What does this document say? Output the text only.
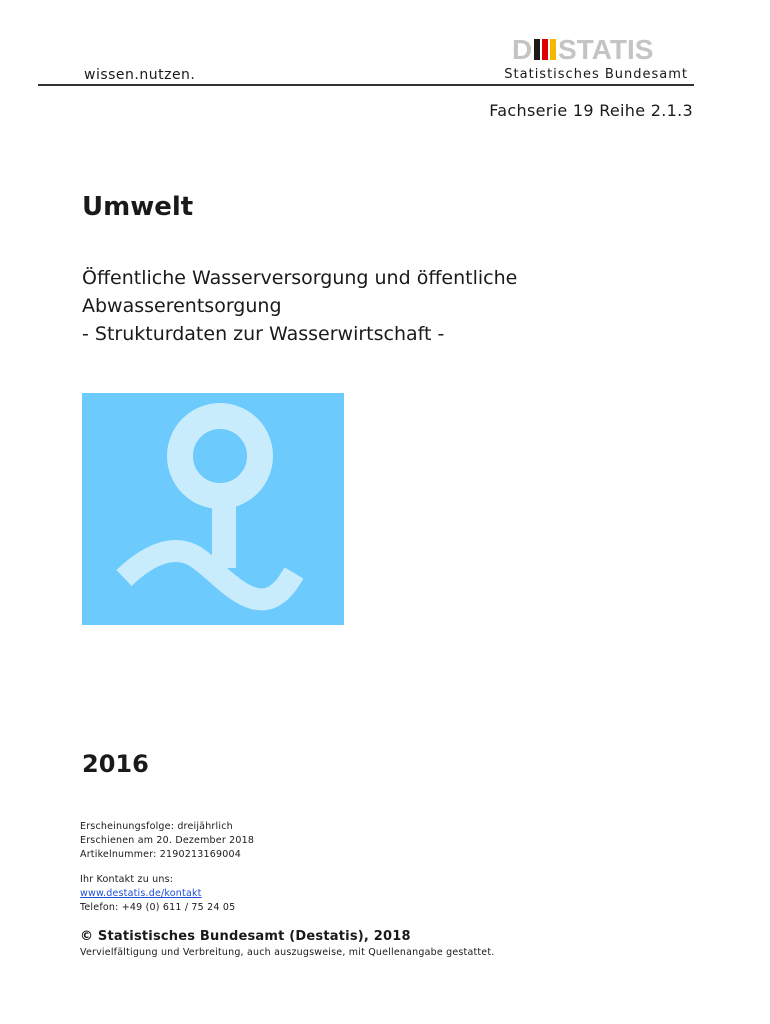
D STATIS
wissen.nutzen.	Statistisches Bundesamt
Fachserie 19 Reihe 2.1.3
Umwelt
Öffentliche Wasserversorgung und öffentliche
Abwasserentsorgung
- Strukturdaten zur Wasserwirtschaft -
2016
Erscheinungsfolge: dreijährlich
Erschienen am 20. Dezember 2018
Artikelnummer: 2190213169004
Ihr Kontakt zu uns:
www.destatis.de/kontakt
Telefon: +49 (0) 611 / 75 24 05
© Statistisches Bundesamt (Destatis), 2018
Vervielfältigung und Verbreitung, auch auszugsweise, mit Quellenangabe gestattet.
